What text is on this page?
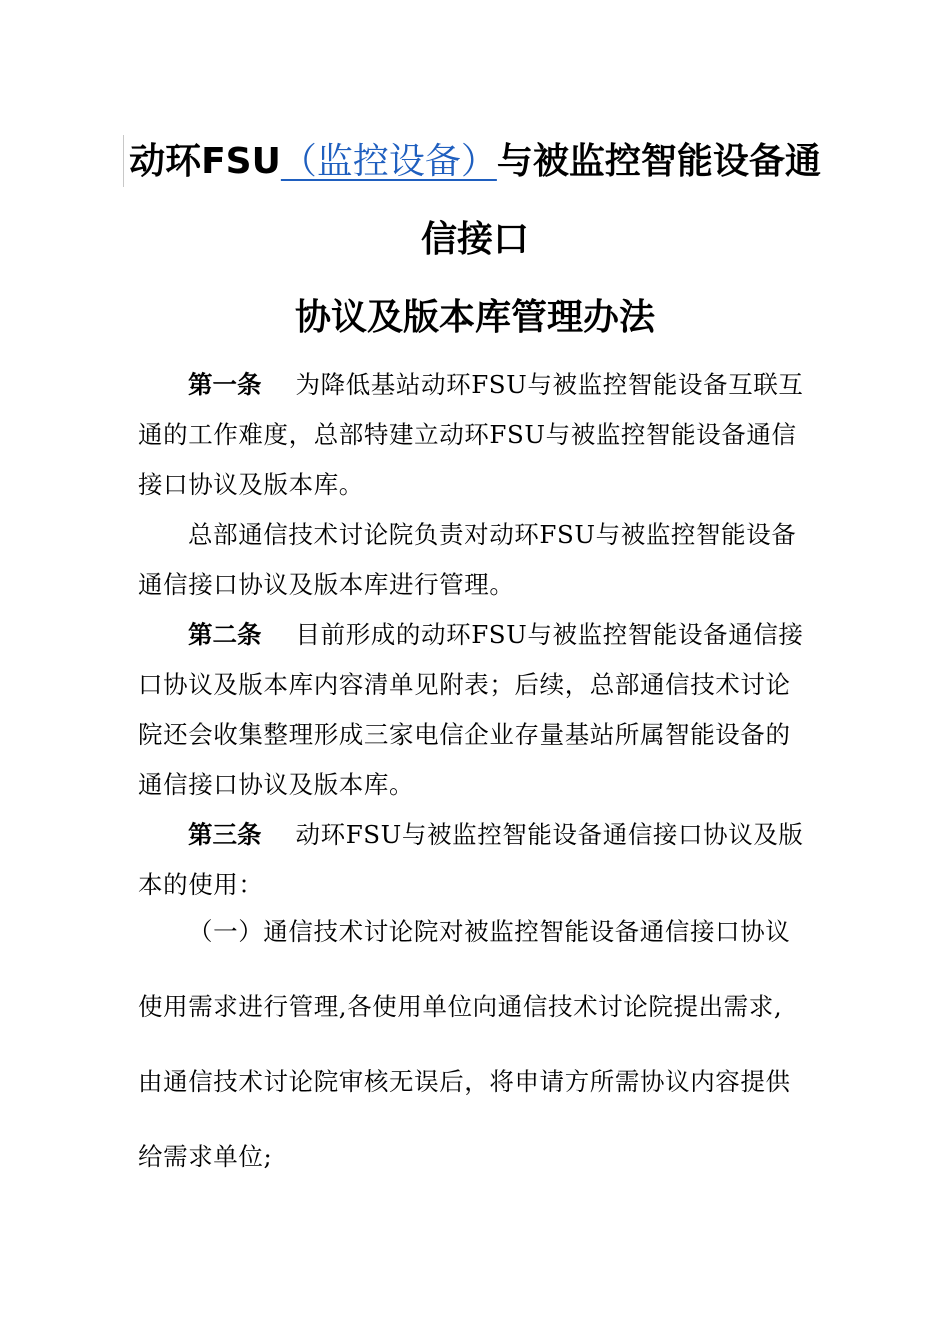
动环FSU（监控设备）与被监控智能设备通
信接口
协议及版本库管理办法
第一条 为降低基站动环FSU与被监控智能设备互联互
通的工作难度，总部特建立动环FSU与被监控智能设备通信
接口协议及版本库。
总部通信技术讨论院负责对动环FSU与被监控智能设备
通信接口协议及版本库进行管理。
第二条 目前形成的动环FSU与被监控智能设备通信接
口协议及版本库内容清单见附表；后续，总部通信技术讨论
院还会收集整理形成三家电信企业存量基站所属智能设备的
通信接口协议及版本库。
第三条 动环FSU与被监控智能设备通信接口协议及版
本的使用：
（一）通信技术讨论院对被监控智能设备通信接口协议
使用需求进行管理,各使用单位向通信技术讨论院提出需求,
由通信技术讨论院审核无误后，将申请方所需协议内容提供
给需求单位;
